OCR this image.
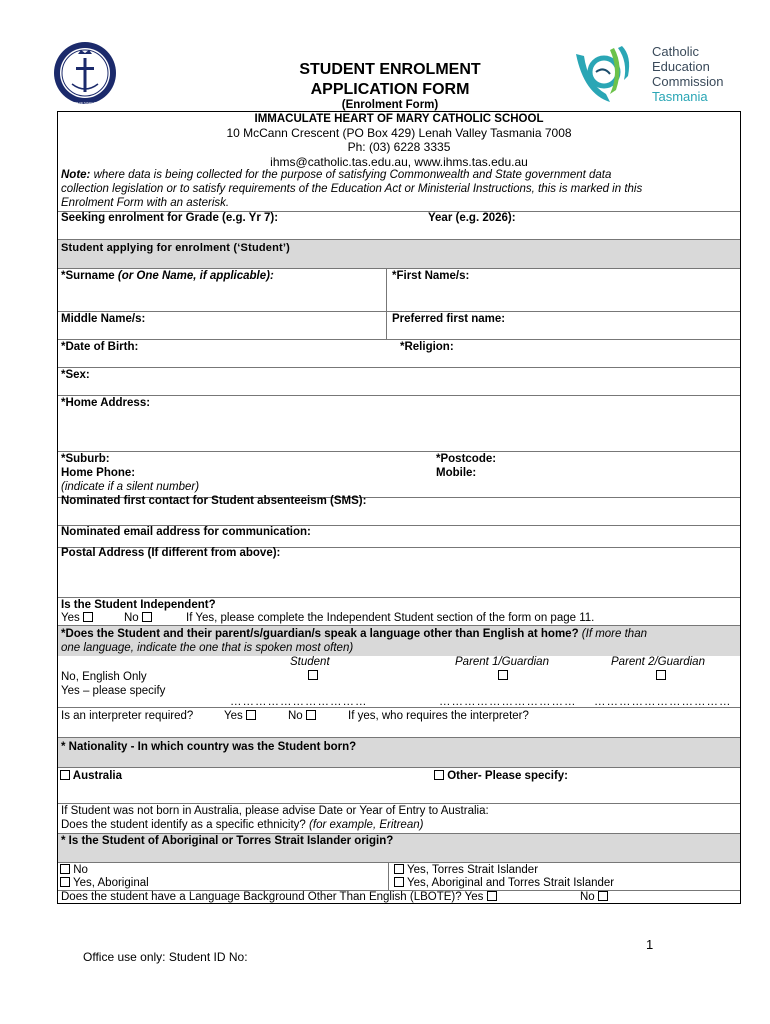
IMMACULATE HEART OF MARY CATHOLIC SCHOOL
Catholic
Education
Commission
Tasmania
STUDENT ENROLMENT
APPLICATION FORM
(Enrolment Form)
IMMACULATE HEART OF MARY CATHOLIC SCHOOL
10 McCann Crescent (PO Box 429) Lenah Valley Tasmania 7008
Ph: (03) 6228 3335
ihms@catholic.tas.edu.au, www.ihms.tas.edu.au
Note: where data is being collected for the purpose of satisfying Commonwealth and State government data
collection legislation or to satisfy requirements of the Education Act or Ministerial Instructions, this is marked in this
Enrolment Form with an asterisk.
Seeking enrolment for Grade (e.g. Yr 7):	Year (e.g. 2026):
Student applying for enrolment (‘Student’)
*Surname (or One Name, if applicable):	*First Name/s:
Middle Name/s:	Preferred first name:
*Date of Birth:	*Religion:
*Sex:
*Home Address:
*Suburb:	*Postcode:
Home Phone:	Mobile:
(indicate if a silent number)
Nominated first contact for Student absenteeism (SMS):
Nominated email address for communication:
Postal Address (If different from above):
Is the Student Independent?
Yes	No	If Yes, please complete the Independent Student section of the form on page 11.
*Does the Student and their parent/s/guardian/s speak a language other than English at home? (If more than
one language, indicate the one that is spoken most often)
Student	Parent 1/Guardian	Parent 2/Guardian
No, English Only
Yes – please specify
……………………………	…………………………… ……………………………
Is an interpreter required?	Yes	No	If yes, who requires the interpreter?
* Nationality - In which country was the Student born?
Australia	Other- Please specify:
If Student was not born in Australia, please advise Date or Year of Entry to Australia:
Does the student identify as a specific ethnicity? (for example, Eritrean)
* Is the Student of Aboriginal or Torres Strait Islander origin?
No
Yes, Aboriginal
Yes, Torres Strait Islander
Yes, Aboriginal and Torres Strait Islander
Does the student have a Language Background Other Than English (LBOTE)? Yes	No
1
Office use only: Student ID No:
